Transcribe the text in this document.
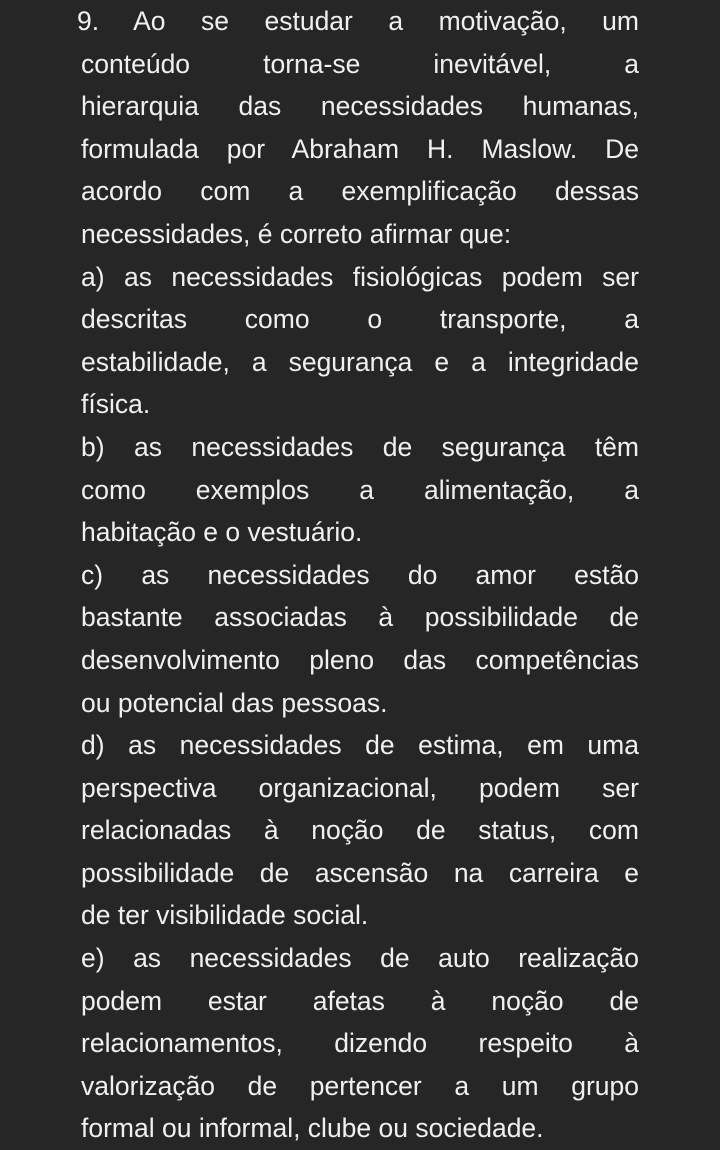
9. Ao se estudar a motivação, um
conteúdo torna-se inevitável, a
hierarquia das necessidades humanas,
formulada por Abraham H. Maslow. De
acordo com a exemplificação dessas
necessidades, é correto afirmar que:
a) as necessidades fisiológicas podem ser
descritas como o transporte, a
estabilidade, a segurança e a integridade
física.
b) as necessidades de segurança têm
como exemplos a alimentação, a
habitação e o vestuário.
c) as necessidades do amor estão
bastante associadas à possibilidade de
desenvolvimento pleno das competências
ou potencial das pessoas.
d) as necessidades de estima, em uma
perspectiva organizacional, podem ser
relacionadas à noção de status, com
possibilidade de ascensão na carreira e
de ter visibilidade social.
e) as necessidades de auto realização
podem estar afetas à noção de
relacionamentos, dizendo respeito à
valorização de pertencer a um grupo
formal ou informal, clube ou sociedade.
